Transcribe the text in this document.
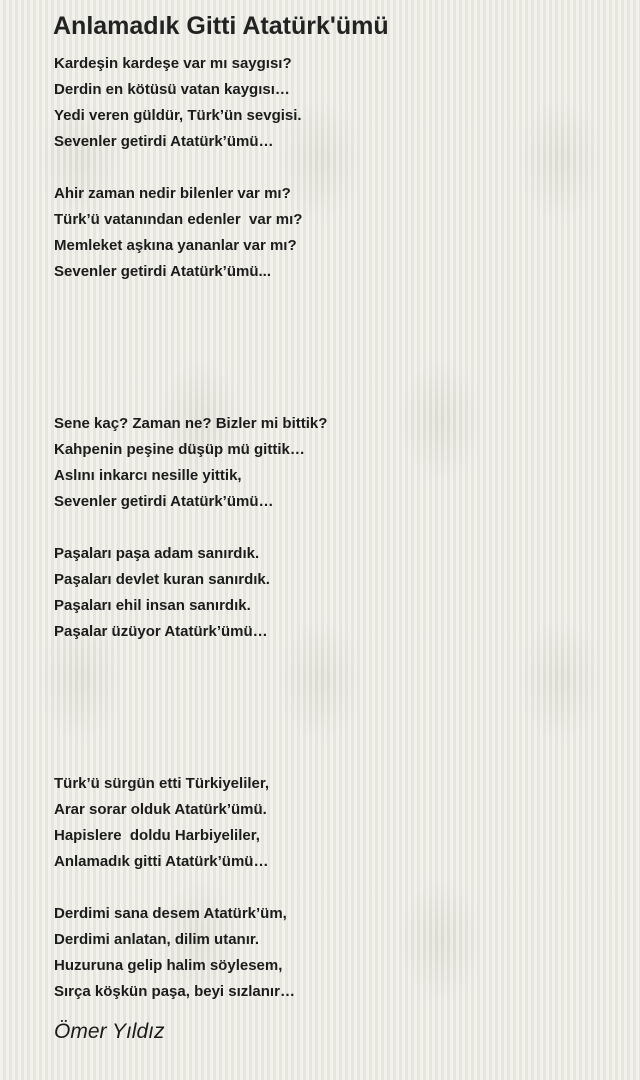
Anlamadık Gitti Atatürk'ümü
Kardeşin kardeşe var mı saygısı?
Derdin en kötüsü vatan kaygısı…
Yedi veren güldür, Türk’ün sevgisi.
Sevenler getirdi Atatürk’ümü…
Ahir zaman nedir bilenler var mı?
Türk’ü vatanından edenler  var mı?
Memleket aşkına yananlar var mı?
Sevenler getirdi Atatürk’ümü...
Sene kaç? Zaman ne? Bizler mi bittik?
Kahpenin peşine düşüp mü gittik…
Aslını inkarcı nesille yittik,
Sevenler getirdi Atatürk’ümü…
Paşaları paşa adam sanırdık.
Paşaları devlet kuran sanırdık.
Paşaları ehil insan sanırdık.
Paşalar üzüyor Atatürk’ümü…
Türk’ü sürgün etti Türkiyeliler,
Arar sorar olduk Atatürk’ümü.
Hapislere  doldu Harbiyeliler,
Anlamadık gitti Atatürk’ümü…
Derdimi sana desem Atatürk’üm,
Derdimi anlatan, dilim utanır.
Huzuruna gelip halim söylesem,
Sırça köşkün paşa, beyi sızlanır…
Ömer Yıldız
